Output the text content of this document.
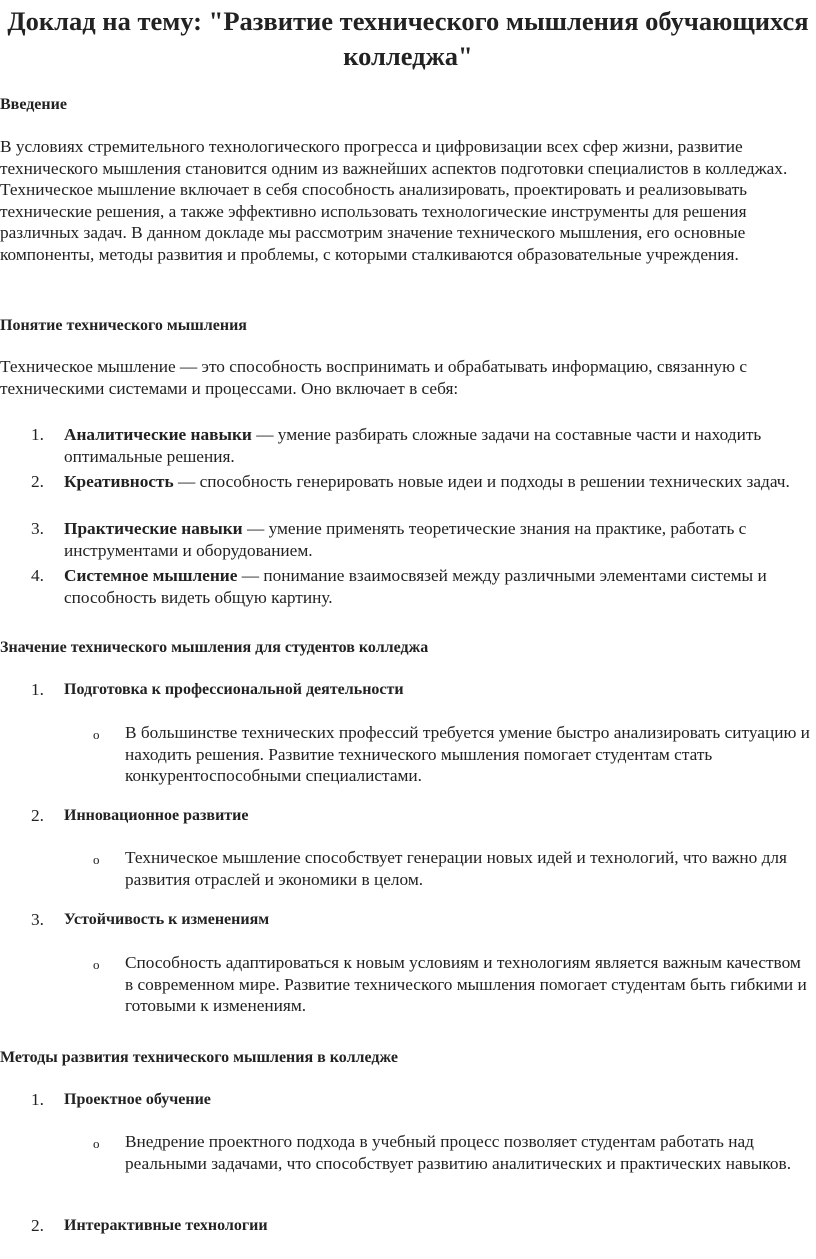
Доклад на тему: "Развитие технического мышления обучающихся колледжа"
Введение

В условиях стремительного технологического прогресса и цифровизации всех сфер жизни, развитие технического мышления становится одним из важнейших аспектов подготовки специалистов в колледжах. Техническое мышление включает в себя способность анализировать, проектировать и реализовывать технические решения, а также эффективно использовать технологические инструменты для решения различных задач. В данном докладе мы рассмотрим значение технического мышления, его основные компоненты, методы развития и проблемы, с которыми сталкиваются образовательные учреждения.

Понятие технического мышления

Техническое мышление — это способность воспринимать и обрабатывать информацию, связанную с техническими системами и процессами. Оно включает в себя:

1. Аналитические навыки — умение разбирать сложные задачи на составные части и находить оптимальные решения.
2. Креативность — способность генерировать новые идеи и подходы в решении технических задач.
3. Практические навыки — умение применять теоретические знания на практике, работать с инструментами и оборудованием.
4. Системное мышление — понимание взаимосвязей между различными элементами системы и способность видеть общую картину.
Значение технического мышления для студентов колледжа
1. Подготовка к профессиональной деятельности
o В большинстве технических профессий требуется умение быстро анализировать ситуацию и находить решения. Развитие технического мышления помогает студентам стать конкурентоспособными специалистами.
2. Инновационное развитие
o Техническое мышление способствует генерации новых идей и технологий, что важно для развития отраслей и экономики в целом.
3. Устойчивость к изменениям
o Способность адаптироваться к новым условиям и технологиям является важным качеством в современном мире. Развитие технического мышления помогает студентам быть гибкими и готовыми к изменениям.
Методы развития технического мышления в колледже
1. Проектное обучение
o Внедрение проектного подхода в учебный процесс позволяет студентам работать над реальными задачами, что способствует развитию аналитических и практических навыков.
2. Интерактивные технологии
